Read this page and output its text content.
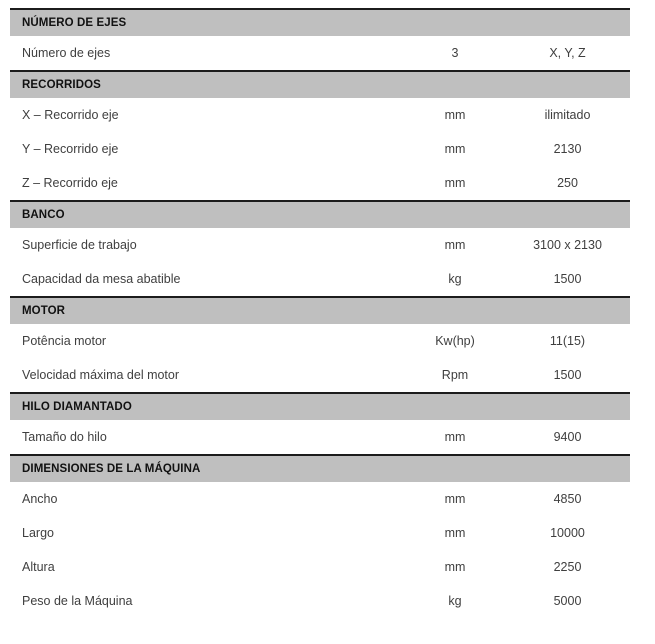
NÚMERO DE EJES		

Número de ejes	3	X, Y, Z

RECORRIDOS		

X – Recorrido eje	mm	ilimitado
Y – Recorrido eje	mm	2130
Z – Recorrido eje	mm	250

BANCO		

Superficie de trabajo	mm	3100 x 2130
Capacidad da mesa abatible	kg	1500

MOTOR		

Potência motor	Kw(hp)	11(15)
Velocidad máxima del motor	Rpm	1500

HILO DIAMANTADO		

Tamaño do hilo	mm	9400

DIMENSIONES DE LA MÁQUINA		

Ancho	mm	4850
Largo	mm	10000
Altura	mm	2250
Peso de la Máquina	kg	5000
